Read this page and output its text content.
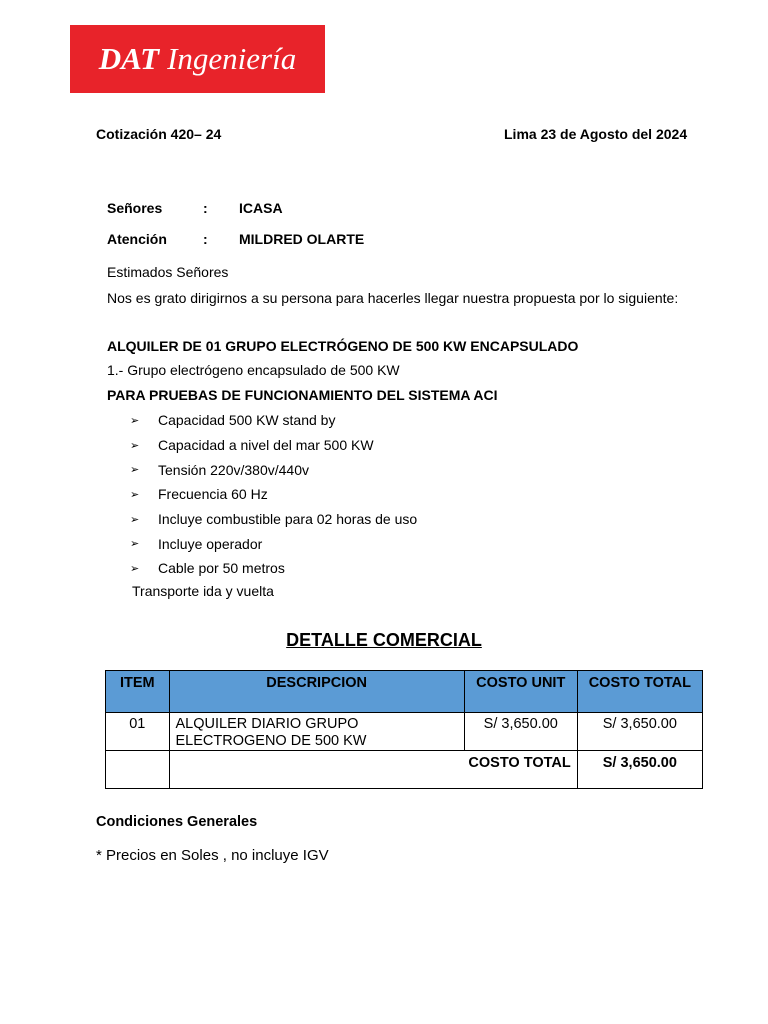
DAT Ingeniería
Cotización 420– 24	Lima 23 de Agosto del 2024
Señores	: ICASA
Atención	: MILDRED OLARTE
Estimados Señores
Nos es grato dirigirnos a su persona para hacerles llegar nuestra propuesta por lo siguiente:
ALQUILER DE 01 GRUPO ELECTRÓGENO DE 500 KW ENCAPSULADO
1.- Grupo electrógeno encapsulado de 500 KW
PARA PRUEBAS DE FUNCIONAMIENTO DEL SISTEMA ACI
➢	Capacidad 500 KW stand by
➢	Capacidad a nivel del mar 500 KW
➢	Tensión 220v/380v/440v
➢	Frecuencia 60 Hz
➢	Incluye combustible para 02 horas de uso
➢	Incluye operador
➢	Cable por 50 metros
Transporte ida y vuelta
DETALLE COMERCIAL
ITEM	DESCRIPCION	COSTO UNIT	COSTO TOTAL
01	ALQUILER DIARIO GRUPO ELECTROGENO DE 500 KW	S/ 3,650.00	S/ 3,650.00
	COSTO TOTAL		S/ 3,650.00
Condiciones Generales
* Precios en Soles , no incluye IGV
